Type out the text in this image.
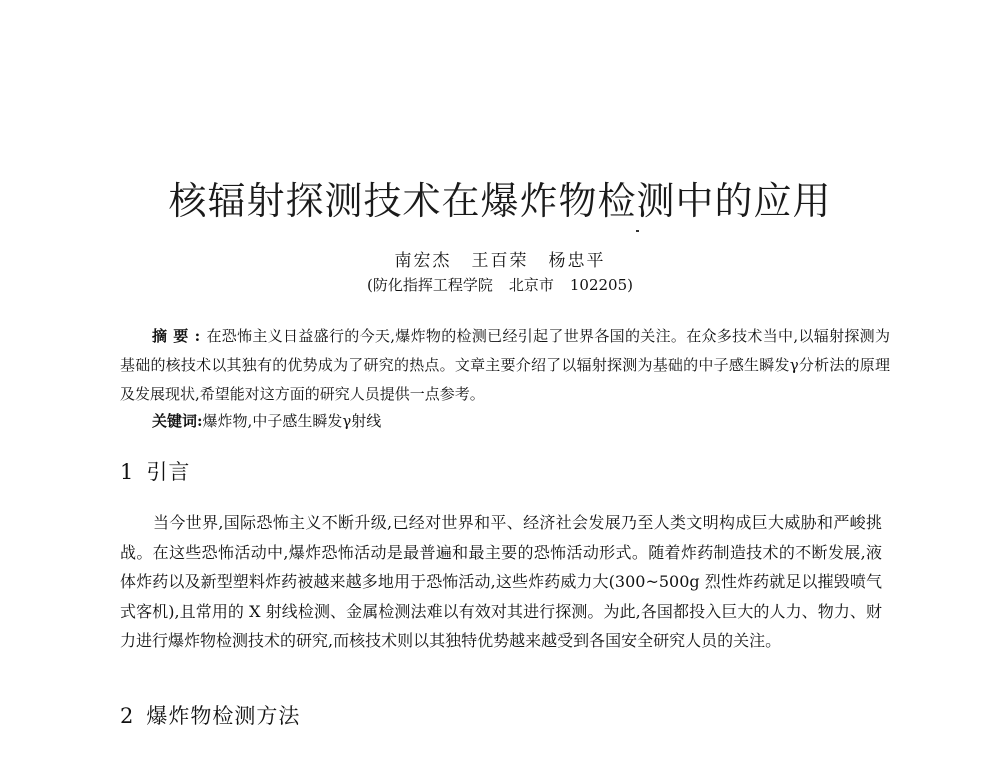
核辐射探测技术在爆炸物检测中的应用
南宏杰 王百荣 杨忠平
(防化指挥工程学院 北京市 102205)
摘要:在恐怖主义日益盛行的今天,爆炸物的检测已经引起了世界各国的关注。在众多技术当中,以辐射探测为基础的核技术以其独有的优势成为了研究的热点。文章主要介绍了以辐射探测为基础的中子感生瞬发γ分析法的原理及发展现状,希望能对这方面的研究人员提供一点参考。
关键词:爆炸物,中子感生瞬发γ射线
1 引言
当今世界,国际恐怖主义不断升级,已经对世界和平、经济社会发展乃至人类文明构成巨大威胁和严峻挑战。在这些恐怖活动中,爆炸恐怖活动是最普遍和最主要的恐怖活动形式。随着炸药制造技术的不断发展,液体炸药以及新型塑料炸药被越来越多地用于恐怖活动,这些炸药威力大(300~500g 烈性炸药就足以摧毁喷气式客机),且常用的 X 射线检测、金属检测法难以有效对其进行探测。为此,各国都投入巨大的人力、物力、财力进行爆炸物检测技术的研究,而核技术则以其独特优势越来越受到各国安全研究人员的关注。
2 爆炸物检测方法
